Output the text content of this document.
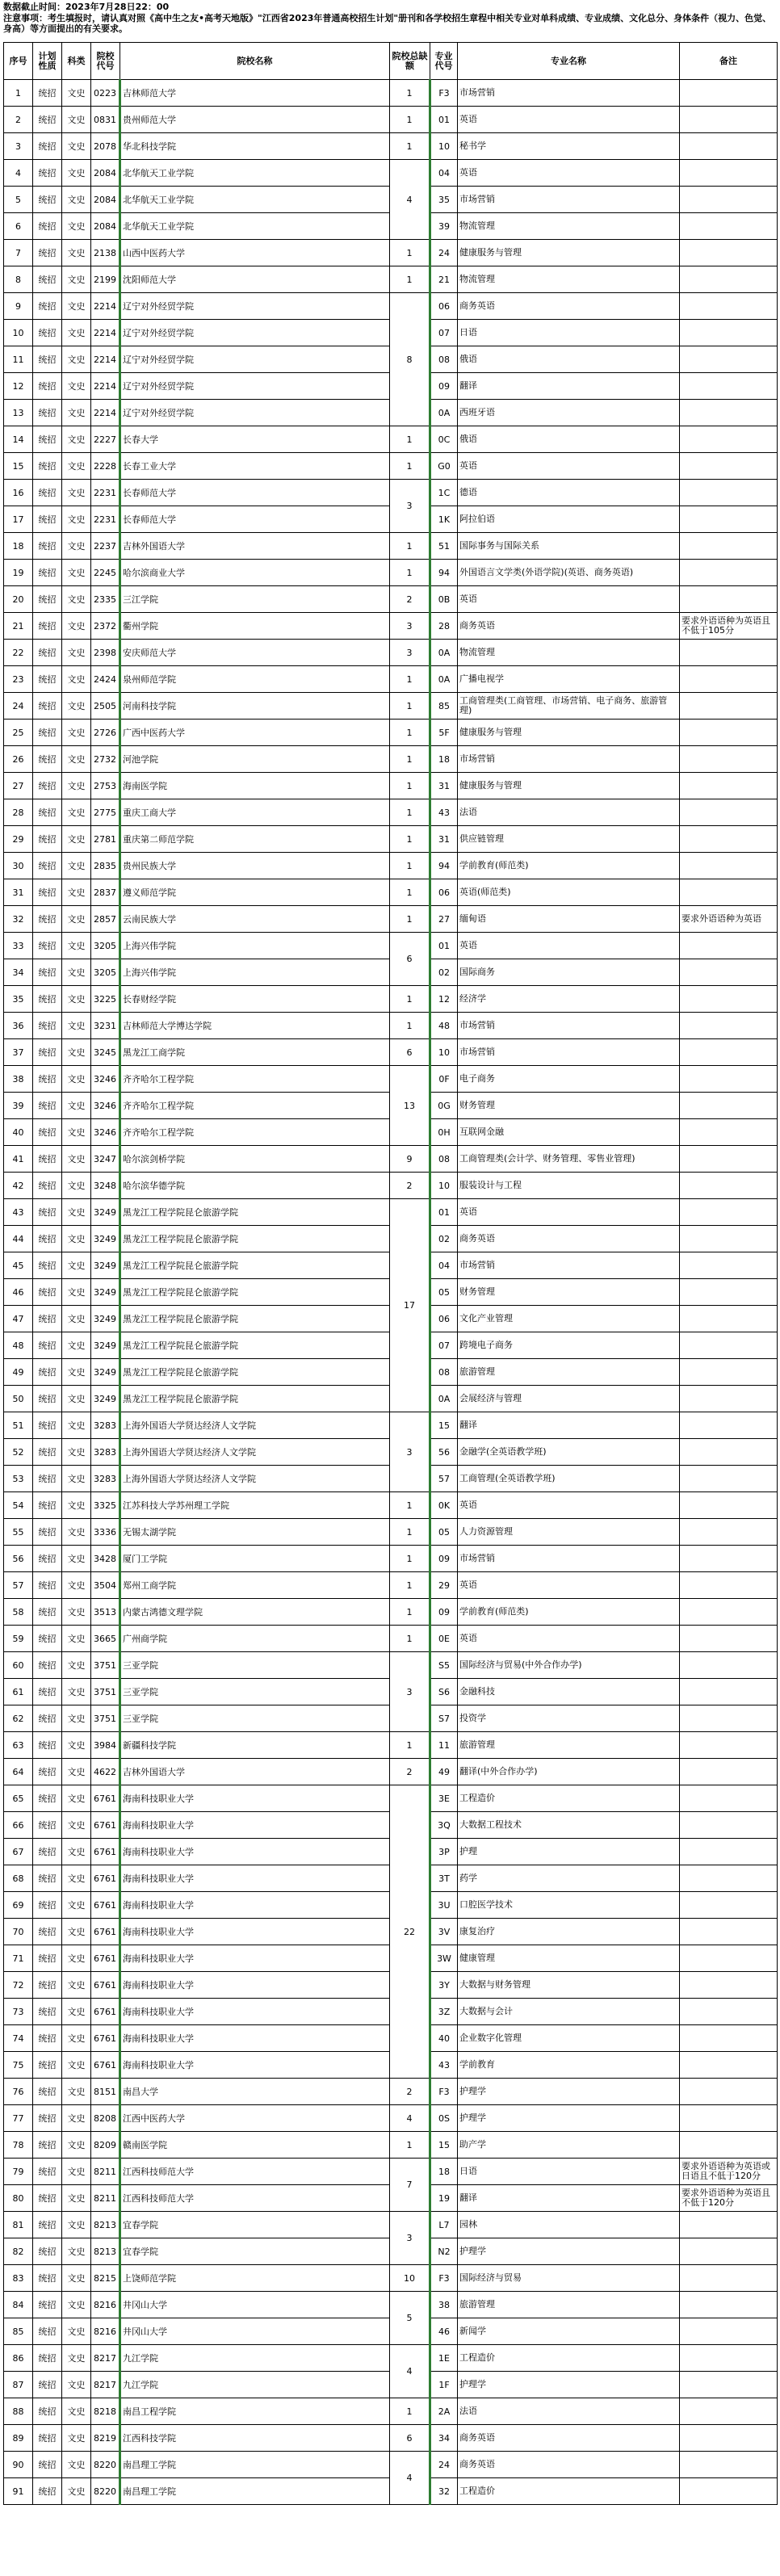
数据截止时间：2023年7月28日22：00
注意事项：考生填报时，请认真对照《高中生之友•高考天地版》"江西省2023年普通高校招生计划"册刊和各学校招生章程中相关专业对单科成绩、专业成绩、文化总分、身体条件（视力、色觉、身高）等方面提出的有关要求。
序号	计划性质	科类	院校代号	院校名称	院校总缺额	专业代号	专业名称	备注
1	统招	文史	0223	吉林师范大学	1	F3	市场营销	
2	统招	文史	0831	贵州师范大学	1	01	英语	
3	统招	文史	2078	华北科技学院	1	10	秘书学	
4	统招	文史	2084	北华航天工业学院	4	04	英语	
5	统招	文史	2084	北华航天工业学院		35	市场营销	
6	统招	文史	2084	北华航天工业学院		39	物流管理	
7	统招	文史	2138	山西中医药大学	1	24	健康服务与管理	
8	统招	文史	2199	沈阳师范大学	1	21	物流管理	
9	统招	文史	2214	辽宁对外经贸学院	8	06	商务英语	
10	统招	文史	2214	辽宁对外经贸学院		07	日语	
11	统招	文史	2214	辽宁对外经贸学院		08	俄语	
12	统招	文史	2214	辽宁对外经贸学院		09	翻译	
13	统招	文史	2214	辽宁对外经贸学院		0A	西班牙语	
14	统招	文史	2227	长春大学	1	0C	俄语	
15	统招	文史	2228	长春工业大学	1	G0	英语	
16	统招	文史	2231	长春师范大学	3	1C	德语	
17	统招	文史	2231	长春师范大学		1K	阿拉伯语	
18	统招	文史	2237	吉林外国语大学	1	51	国际事务与国际关系	
19	统招	文史	2245	哈尔滨商业大学	1	94	外国语言文学类(外语学院)(英语、商务英语)	
20	统招	文史	2335	三江学院	2	0B	英语	
21	统招	文史	2372	衢州学院	3	28	商务英语	要求外语语种为英语且不低于105分
22	统招	文史	2398	安庆师范大学	3	0A	物流管理	
23	统招	文史	2424	泉州师范学院	1	0A	广播电视学	
24	统招	文史	2505	河南科技学院	1	85	工商管理类(工商管理、市场营销、电子商务、旅游管理)	
25	统招	文史	2726	广西中医药大学	1	5F	健康服务与管理	
26	统招	文史	2732	河池学院	1	18	市场营销	
27	统招	文史	2753	海南医学院	1	31	健康服务与管理	
28	统招	文史	2775	重庆工商大学	1	43	法语	
29	统招	文史	2781	重庆第二师范学院	1	31	供应链管理	
30	统招	文史	2835	贵州民族大学	1	94	学前教育(师范类)	
31	统招	文史	2837	遵义师范学院	1	06	英语(师范类)	
32	统招	文史	2857	云南民族大学	1	27	缅甸语	要求外语语种为英语
33	统招	文史	3205	上海兴伟学院	6	01	英语	
34	统招	文史	3205	上海兴伟学院		02	国际商务	
35	统招	文史	3225	长春财经学院	1	12	经济学	
36	统招	文史	3231	吉林师范大学博达学院	1	48	市场营销	
37	统招	文史	3245	黑龙江工商学院	6	10	市场营销	
38	统招	文史	3246	齐齐哈尔工程学院	13	0F	电子商务	
39	统招	文史	3246	齐齐哈尔工程学院		0G	财务管理	
40	统招	文史	3246	齐齐哈尔工程学院		0H	互联网金融	
41	统招	文史	3247	哈尔滨剑桥学院	9	08	工商管理类(会计学、财务管理、零售业管理)	
42	统招	文史	3248	哈尔滨华德学院	2	10	服装设计与工程	
43	统招	文史	3249	黑龙江工程学院昆仑旅游学院	17	01	英语	
44	统招	文史	3249	黑龙江工程学院昆仑旅游学院		02	商务英语	
45	统招	文史	3249	黑龙江工程学院昆仑旅游学院		04	市场营销	
46	统招	文史	3249	黑龙江工程学院昆仑旅游学院		05	财务管理	
47	统招	文史	3249	黑龙江工程学院昆仑旅游学院		06	文化产业管理	
48	统招	文史	3249	黑龙江工程学院昆仑旅游学院		07	跨境电子商务	
49	统招	文史	3249	黑龙江工程学院昆仑旅游学院		08	旅游管理	
50	统招	文史	3249	黑龙江工程学院昆仑旅游学院		0A	会展经济与管理	
51	统招	文史	3283	上海外国语大学贤达经济人文学院	3	15	翻译	
52	统招	文史	3283	上海外国语大学贤达经济人文学院		56	金融学(全英语教学班)	
53	统招	文史	3283	上海外国语大学贤达经济人文学院		57	工商管理(全英语教学班)	
54	统招	文史	3325	江苏科技大学苏州理工学院	1	0K	英语	
55	统招	文史	3336	无锡太湖学院	1	05	人力资源管理	
56	统招	文史	3428	厦门工学院	1	09	市场营销	
57	统招	文史	3504	郑州工商学院	1	29	英语	
58	统招	文史	3513	内蒙古鸿德文理学院	1	09	学前教育(师范类)	
59	统招	文史	3665	广州商学院	1	0E	英语	
60	统招	文史	3751	三亚学院	3	S5	国际经济与贸易(中外合作办学)	
61	统招	文史	3751	三亚学院		S6	金融科技	
62	统招	文史	3751	三亚学院		S7	投资学	
63	统招	文史	3984	新疆科技学院	1	11	旅游管理	
64	统招	文史	4622	吉林外国语大学	2	49	翻译(中外合作办学)	
65	统招	文史	6761	海南科技职业大学	22	3E	工程造价	
66	统招	文史	6761	海南科技职业大学		3Q	大数据工程技术	
67	统招	文史	6761	海南科技职业大学		3P	护理	
68	统招	文史	6761	海南科技职业大学		3T	药学	
69	统招	文史	6761	海南科技职业大学		3U	口腔医学技术	
70	统招	文史	6761	海南科技职业大学		3V	康复治疗	
71	统招	文史	6761	海南科技职业大学		3W	健康管理	
72	统招	文史	6761	海南科技职业大学		3Y	大数据与财务管理	
73	统招	文史	6761	海南科技职业大学		3Z	大数据与会计	
74	统招	文史	6761	海南科技职业大学		40	企业数字化管理	
75	统招	文史	6761	海南科技职业大学		43	学前教育	
76	统招	文史	8151	南昌大学	2	F3	护理学	
77	统招	文史	8208	江西中医药大学	4	0S	护理学	
78	统招	文史	8209	赣南医学院	1	15	助产学	
79	统招	文史	8211	江西科技师范大学	7	18	日语	要求外语语种为英语或日语且不低于120分
80	统招	文史	8211	江西科技师范大学		19	翻译	要求外语语种为英语且不低于120分
81	统招	文史	8213	宜春学院	3	L7	园林	
82	统招	文史	8213	宜春学院		N2	护理学	
83	统招	文史	8215	上饶师范学院	10	F3	国际经济与贸易	
84	统招	文史	8216	井冈山大学	5	38	旅游管理	
85	统招	文史	8216	井冈山大学		46	新闻学	
86	统招	文史	8217	九江学院	4	1E	工程造价	
87	统招	文史	8217	九江学院		1F	护理学	
88	统招	文史	8218	南昌工程学院	1	2A	法语	
89	统招	文史	8219	江西科技学院	6	34	商务英语	
90	统招	文史	8220	南昌理工学院	4	24	商务英语	
91	统招	文史	8220	南昌理工学院		32	工程造价	
